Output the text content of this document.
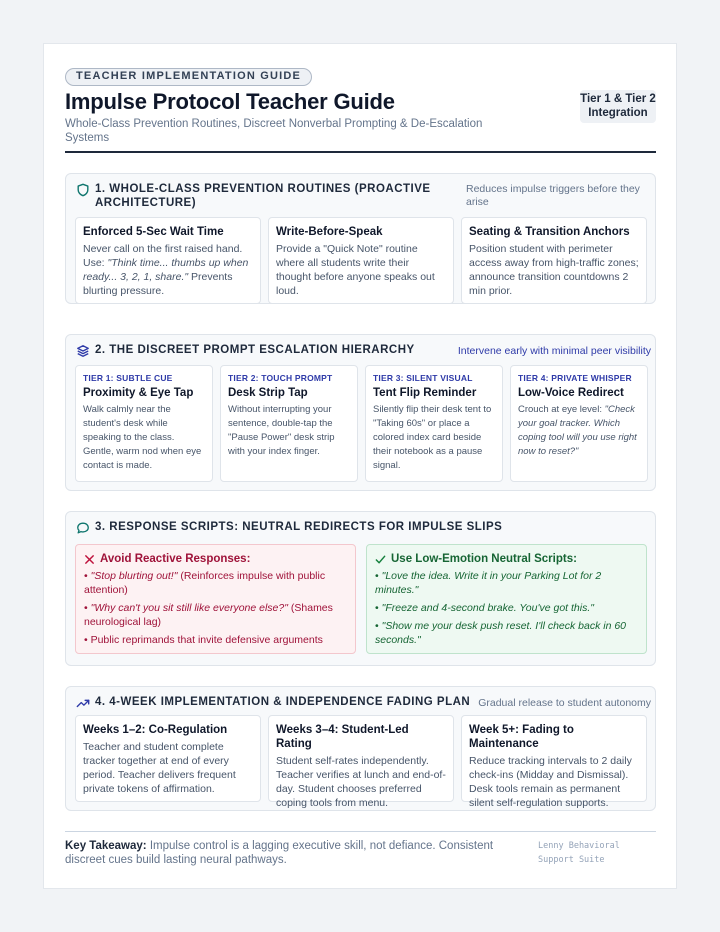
TEACHER IMPLEMENTATION GUIDE
Impulse Protocol Teacher Guide
Whole-Class Prevention Routines, Discreet Nonverbal Prompting & De-Escalation Systems
Tier 1 & Tier 2 Integration
1. WHOLE-CLASS PREVENTION ROUTINES (PROACTIVE ARCHITECTURE)
Reduces impulse triggers before they arise
Enforced 5-Sec Wait Time
Never call on the first raised hand. Use: "Think time... thumbs up when ready... 3, 2, 1, share." Prevents blurting pressure.
Write-Before-Speak
Provide a "Quick Note" routine where all students write their thought before anyone speaks out loud.
Seating & Transition Anchors
Position student with perimeter access away from high-traffic zones; announce transition countdowns 2 min prior.
2. THE DISCREET PROMPT ESCALATION HIERARCHY	Intervene early with minimal peer visibility
TIER 1: SUBTLE CUE
Proximity & Eye Tap
Walk calmly near the student's desk while speaking to the class. Gentle, warm nod when eye contact is made.
TIER 2: TOUCH PROMPT
Desk Strip Tap
Without interrupting your sentence, double-tap the "Pause Power" desk strip with your index finger.
TIER 3: SILENT VISUAL
Tent Flip Reminder
Silently flip their desk tent to "Taking 60s" or place a colored index card beside their notebook as a pause signal.
TIER 4: PRIVATE WHISPER
Low-Voice Redirect
Crouch at eye level: "Check your goal tracker. Which coping tool will you use right now to reset?"
3. RESPONSE SCRIPTS: NEUTRAL REDIRECTS FOR IMPULSE SLIPS
Avoid Reactive Responses:
• "Stop blurting out!" (Reinforces impulse with public attention)
• "Why can't you sit still like everyone else?" (Shames neurological lag)
• Public reprimands that invite defensive arguments
Use Low-Emotion Neutral Scripts:
• "Love the idea. Write it in your Parking Lot for 2 minutes."
• "Freeze and 4-second brake. You've got this."
• "Show me your desk push reset. I'll check back in 60 seconds."
4. 4-WEEK IMPLEMENTATION & INDEPENDENCE FADING PLAN Gradual release to student autonomy
Weeks 1–2: Co-Regulation
Teacher and student complete tracker together at end of every period. Teacher delivers frequent private tokens of affirmation.
Weeks 3–4: Student-Led Rating
Student self-rates independently. Teacher verifies at lunch and end-of-day. Student chooses preferred coping tools from menu.
Week 5+: Fading to Maintenance
Reduce tracking intervals to 2 daily check-ins (Midday and Dismissal). Desk tools remain as permanent silent self-regulation supports.
Key Takeaway: Impulse control is a lagging executive skill, not defiance. Consistent discreet cues build lasting neural pathways.
Lenny Behavioral Support Suite
